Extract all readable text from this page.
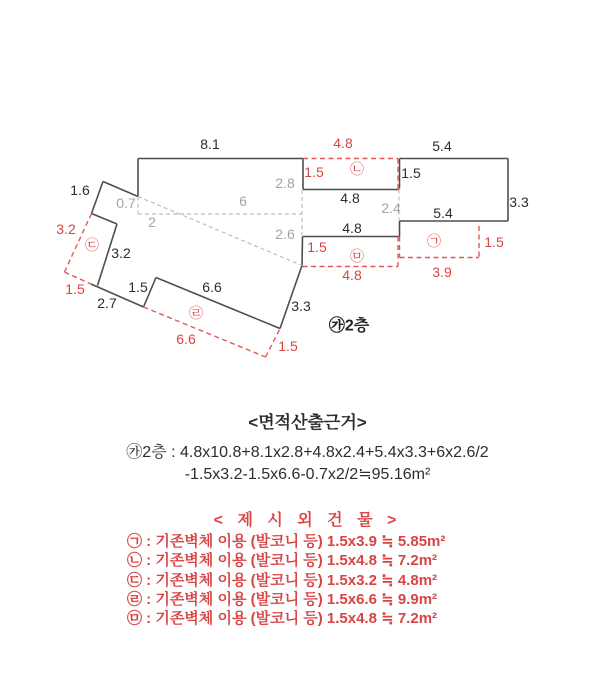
8.1
1.6
3.2
2.7
1.5	6.6
3.3
4.8
4.8
1.5
5.4
5.4
3.3
4.8
1.5 ㉡
1.5
㉤
4.8
㉠	1.5
3.9
3.2
㉢
1.5
6.6	1.5
㉣
0.7
2
6
2.8
2.6
2.4
㉮2층
<면적산출근거>
㉮2층 : 4.8x10.8+8.1x2.8+4.8x2.4+5.4x3.3+6x2.6/2
-1.5x3.2-1.5x6.6-0.7x2/2≒95.16m²
< 제 시 외 건 물 >
㉠ : 기존벽체 이용 (발코니 등) 1.5x3.9 ≒ 5.85m²
㉡ : 기존벽체 이용 (발코니 등) 1.5x4.8 ≒ 7.2m²
㉢ : 기존벽체 이용 (발코니 등) 1.5x3.2 ≒ 4.8m²
㉣ : 기존벽체 이용 (발코니 등) 1.5x6.6 ≒ 9.9m²
㉤ : 기존벽체 이용 (발코니 등) 1.5x4.8 ≒ 7.2m²
